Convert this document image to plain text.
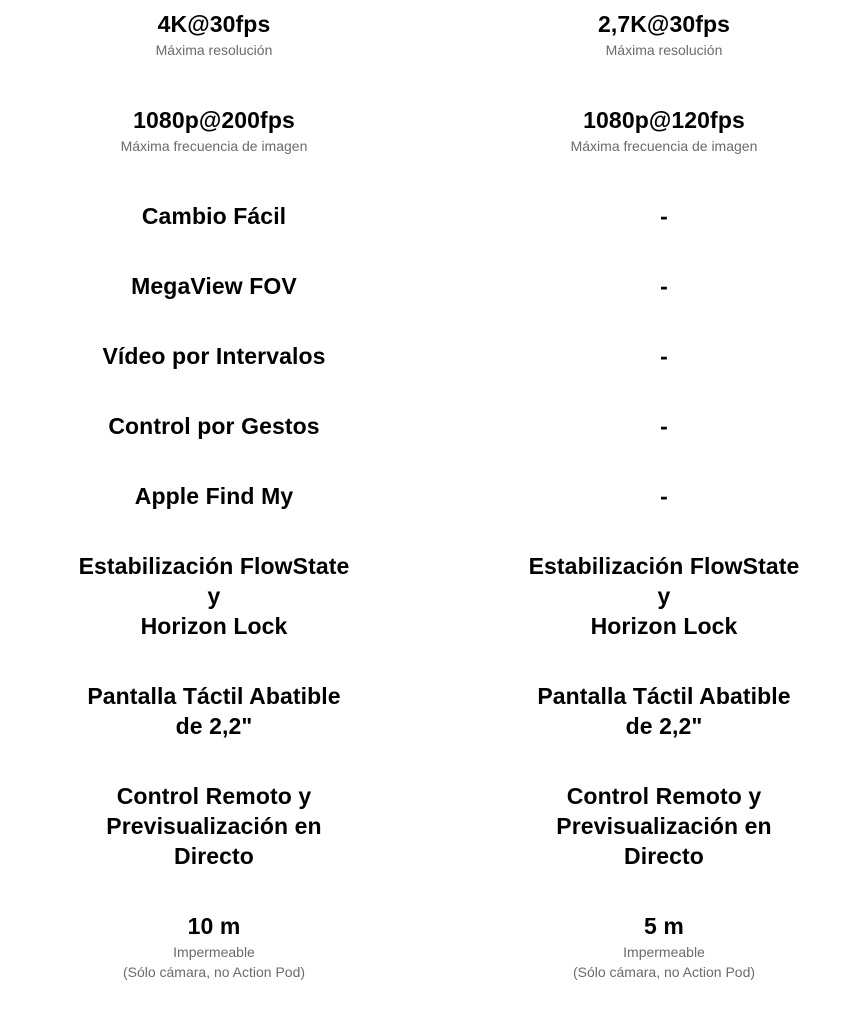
4K@30fps
Máxima resolución
1080p@200fps
Máxima frecuencia de imagen
Cambio Fácil
MegaView FOV
Vídeo por Intervalos
Control por Gestos
Apple Find My
Estabilización FlowState
y
Horizon Lock
Pantalla Táctil Abatible
de 2,2"
Control Remoto y
Previsualización en
Directo
10 m
Impermeable
(Sólo cámara, no Action Pod)
2,7K@30fps
Máxima resolución
1080p@120fps
Máxima frecuencia de imagen
-
-
-
-
-
Estabilización FlowState
y
Horizon Lock
Pantalla Táctil Abatible
de 2,2"
Control Remoto y
Previsualización en
Directo
5 m
Impermeable
(Sólo cámara, no Action Pod)
